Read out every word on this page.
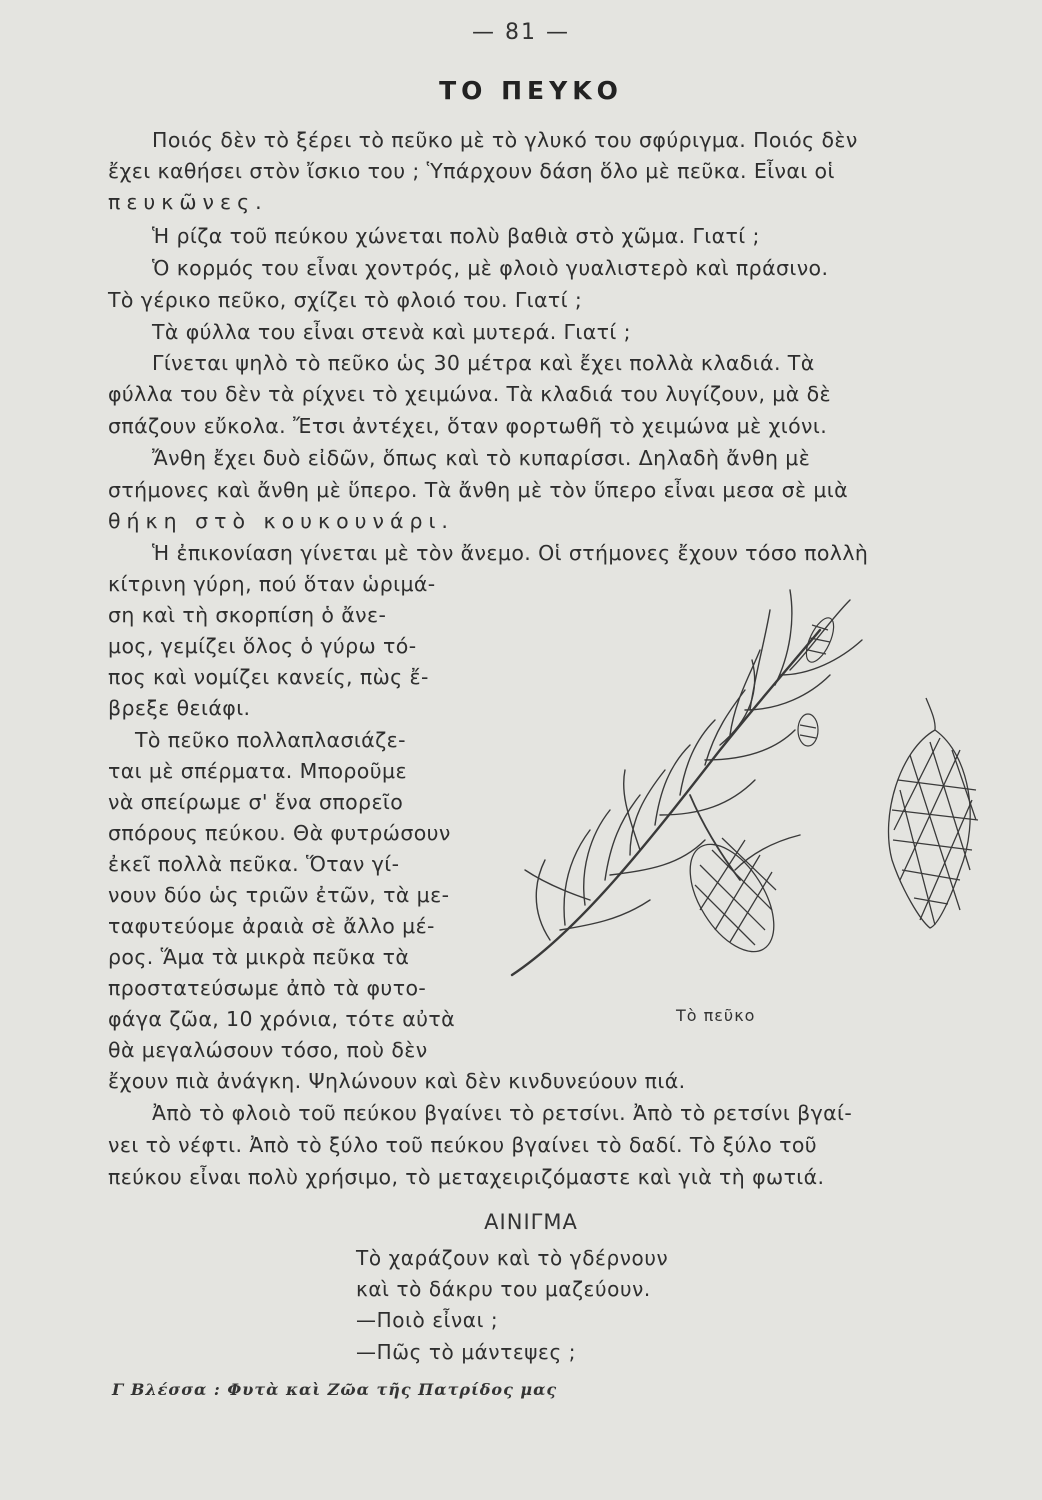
— 81 —
ΤΟ ΠΕΥΚΟ
Ποιός δὲν τὸ ξέρει τὸ πεῦκο μὲ τὸ γλυκό του σφύριγμα. Ποιός δὲν
ἔχει καθήσει στὸν ἴσκιο του ; Ὑπάρχουν δάση ὅλο μὲ πεῦκα. Εἶναι οἱ
πευκῶνες.
Ἡ ρίζα τοῦ πεύκου χώνεται πολὺ βαθιὰ στὸ χῶμα. Γιατί ;
Ὁ κορμός του εἶναι χοντρός, μὲ φλοιὸ γυαλιστερὸ καὶ πράσινο.
Τὸ γέρικο πεῦκο, σχίζει τὸ φλοιό του. Γιατί ;
Τὰ φύλλα του εἶναι στενὰ καὶ μυτερά. Γιατί ;
Γίνεται ψηλὸ τὸ πεῦκο ὡς 30 μέτρα καὶ ἔχει πολλὰ κλαδιά. Τὰ
φύλλα του δὲν τὰ ρίχνει τὸ χειμώνα. Τὰ κλαδιά του λυγίζουν, μὰ δὲ
σπάζουν εὔκολα. Ἔτσι ἀντέχει, ὅταν φορτωθῆ τὸ χειμώνα μὲ χιόνι.
Ἄνθη ἔχει δυὸ εἰδῶν, ὅπως καὶ τὸ κυπαρίσσι. Δηλαδὴ ἄνθη μὲ
στήμονες καὶ ἄνθη μὲ ὕπερο. Τὰ ἄνθη μὲ τὸν ὕπερο εἶναι μεσα σὲ μιὰ
θήκη στὸ κουκουνάρι.
Ἡ ἐπικονίαση γίνεται μὲ τὸν ἄνεμο. Οἱ στήμονες ἔχουν τόσο πολλὴ
κίτρινη γύρη, πού ὅταν ὡριμά-
ση καὶ τὴ σκορπίση ὁ ἄνε-
μος, γεμίζει ὅλος ὁ γύρω τό-
πος καὶ νομίζει κανείς, πὼς ἔ-
βρεξε θειάφι.
Τὸ πεῦκο πολλαπλασιάζε-
ται μὲ σπέρματα. Μποροῦμε
νὰ σπείρωμε σ' ἕνα σπορεῖο
σπόρους πεύκου. Θὰ φυτρώσουν
ἐκεῖ πολλὰ πεῦκα. Ὅταν γί-
νουν δύο ὡς τριῶν ἐτῶν, τὰ με-
ταφυτεύομε ἀραιὰ σὲ ἄλλο μέ-
ρος. Ἅμα τὰ μικρὰ πεῦκα τὰ
προστατεύσωμε ἀπὸ τὰ φυτο-
φάγα ζῶα, 10 χρόνια, τότε αὐτὰ
θὰ μεγαλώσουν τόσο, ποὺ δὲν
ἔχουν πιὰ ἀνάγκη. Ψηλώνουν καὶ δὲν κινδυνεύουν πιά.
Ἀπὸ τὸ φλοιὸ τοῦ πεύκου βγαίνει τὸ ρετσίνι. Ἀπὸ τὸ ρετσίνι βγαί-
νει τὸ νέφτι. Ἀπὸ τὸ ξύλο τοῦ πεύκου βγαίνει τὸ δαδί. Τὸ ξύλο τοῦ
πεύκου εἶναι πολὺ χρήσιμο, τὸ μεταχειριζόμαστε καὶ γιὰ τὴ φωτιά.
Τὸ πεῦκο
ΑΙΝΙΓΜΑ
Τὸ χαράζουν καὶ τὸ γδέρνουν
καὶ τὸ δάκρυ του μαζεύουν.
—Ποιὸ εἶναι ;
—Πῶς τὸ μάντεψες ;
Γ Βλέσσα : Φυτὰ καὶ Ζῶα τῆς Πατρίδος μας
